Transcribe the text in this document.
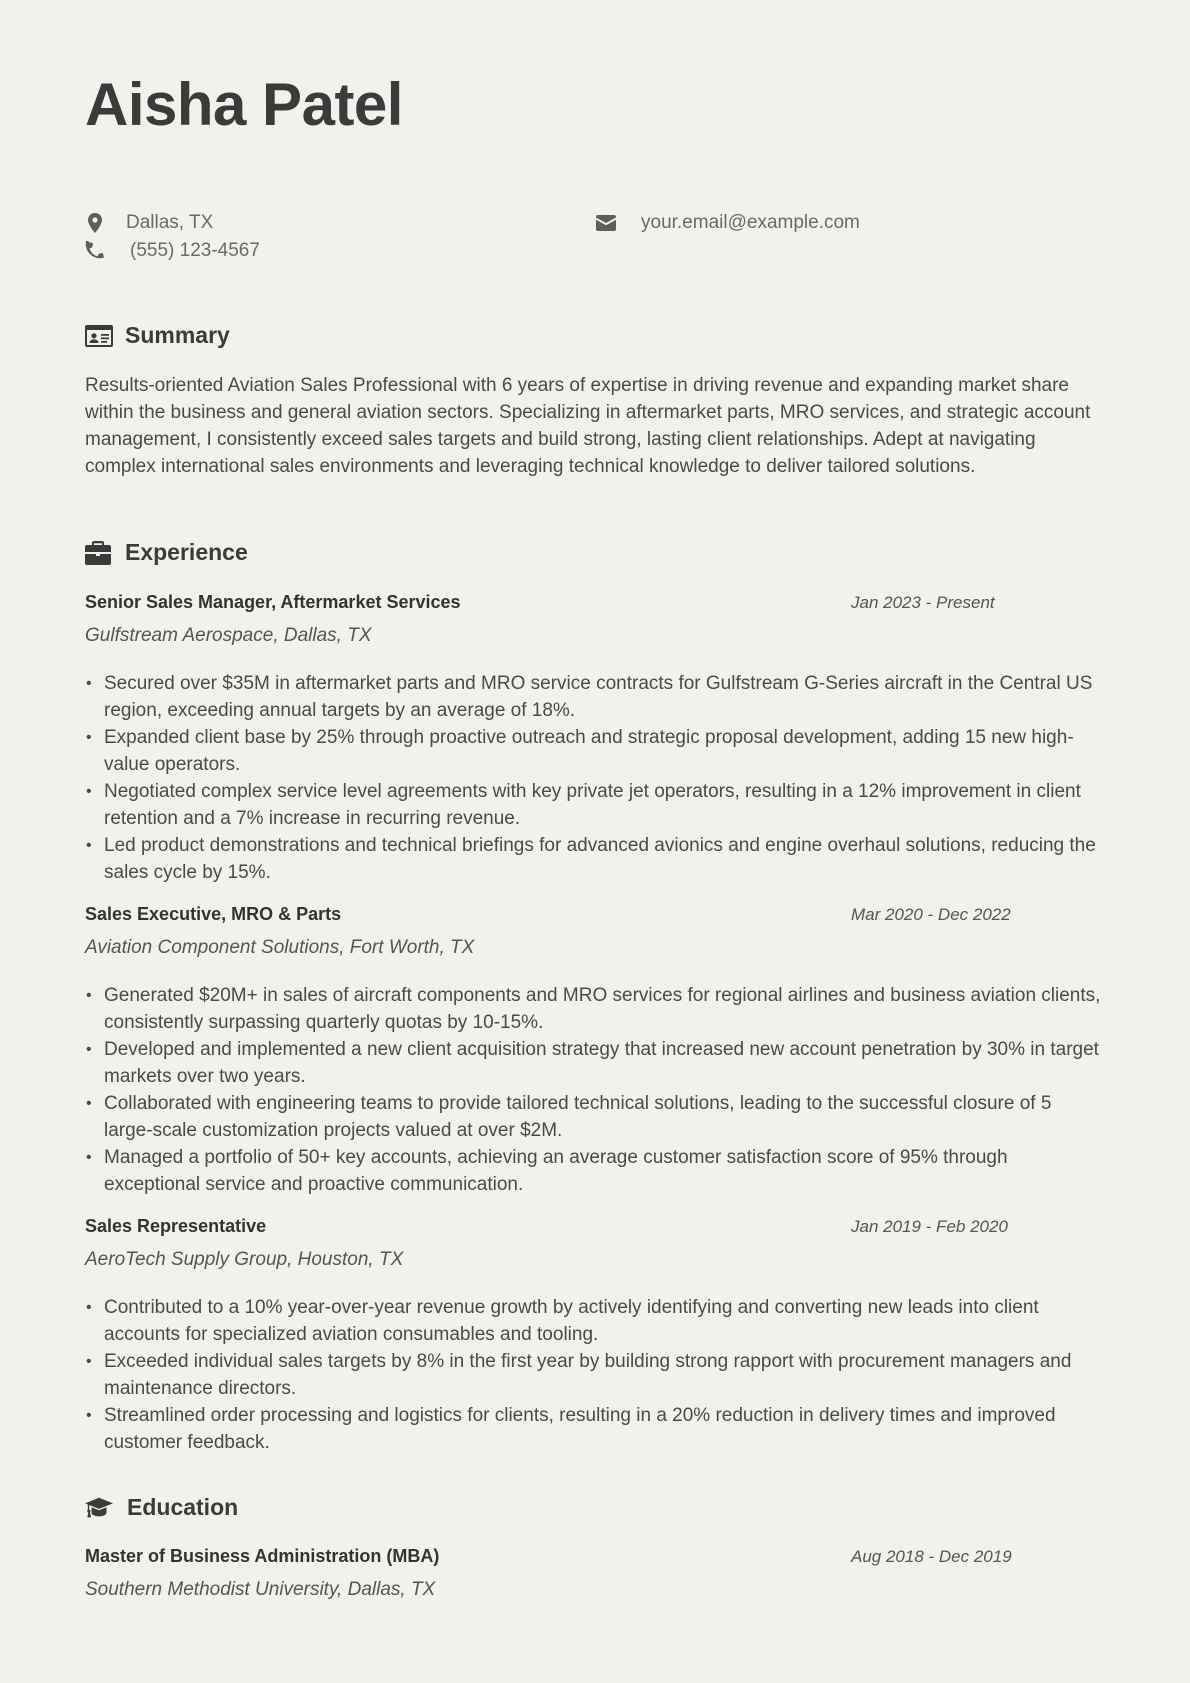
Aisha Patel
Dallas, TX
(555) 123-4567
your.email@example.com
Summary

Results-oriented Aviation Sales Professional with 6 years of expertise in driving revenue and expanding market share within the business and general aviation sectors. Specializing in aftermarket parts, MRO services, and strategic account management, I consistently exceed sales targets and build strong, lasting client relationships. Adept at navigating complex international sales environments and leveraging technical knowledge to deliver tailored solutions.

Experience
Senior Sales Manager, Aftermarket Services	Jan 2023 - Present
Gulfstream Aerospace, Dallas, TX
• Secured over $35M in aftermarket parts and MRO service contracts for Gulfstream G-Series aircraft in the Central US region, exceeding annual targets by an average of 18%.
• Expanded client base by 25% through proactive outreach and strategic proposal development, adding 15 new high-value operators.
• Negotiated complex service level agreements with key private jet operators, resulting in a 12% improvement in client retention and a 7% increase in recurring revenue.
• Led product demonstrations and technical briefings for advanced avionics and engine overhaul solutions, reducing the sales cycle by 15%.
Sales Executive, MRO & Parts	Mar 2020 - Dec 2022
Aviation Component Solutions, Fort Worth, TX
• Generated $20M+ in sales of aircraft components and MRO services for regional airlines and business aviation clients, consistently surpassing quarterly quotas by 10-15%.
• Developed and implemented a new client acquisition strategy that increased new account penetration by 30% in target markets over two years.
• Collaborated with engineering teams to provide tailored technical solutions, leading to the successful closure of 5 large-scale customization projects valued at over $2M.
• Managed a portfolio of 50+ key accounts, achieving an average customer satisfaction score of 95% through exceptional service and proactive communication.
Sales Representative	Jan 2019 - Feb 2020
AeroTech Supply Group, Houston, TX
• Contributed to a 10% year-over-year revenue growth by actively identifying and converting new leads into client accounts for specialized aviation consumables and tooling.
• Exceeded individual sales targets by 8% in the first year by building strong rapport with procurement managers and maintenance directors.
• Streamlined order processing and logistics for clients, resulting in a 20% reduction in delivery times and improved customer feedback.
Education
Master of Business Administration (MBA)	Aug 2018 - Dec 2019
Southern Methodist University, Dallas, TX
